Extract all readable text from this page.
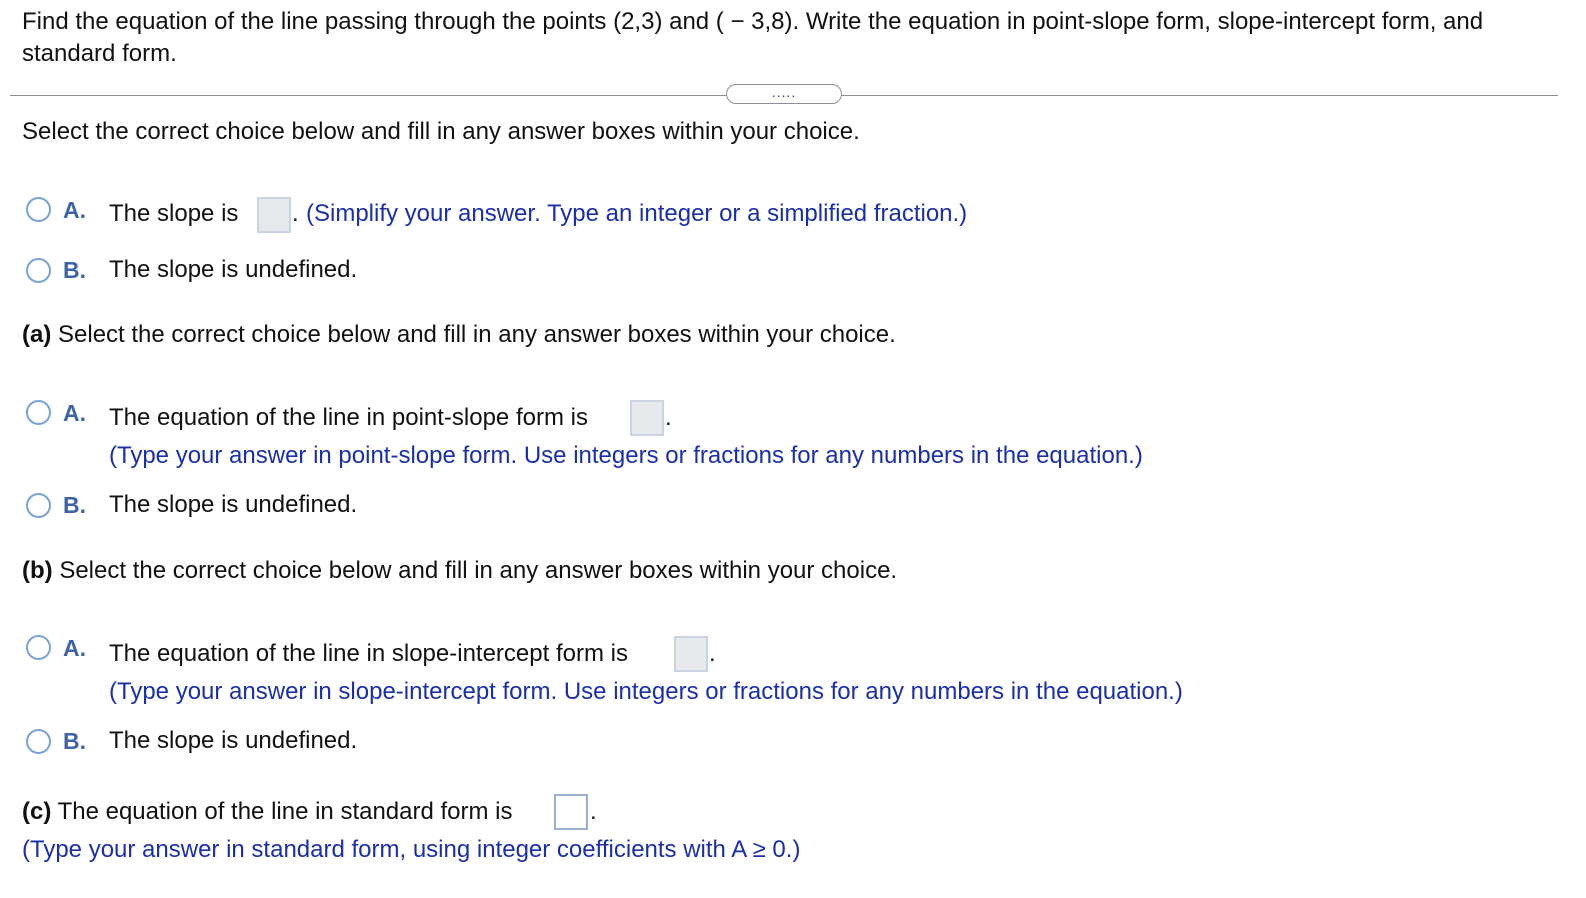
Find the equation of the line passing through the points (2,3) and ( − 3,8). Write the equation in point-slope form, slope-intercept form, and standard form.
.....
Select the correct choice below and fill in any answer boxes within your choice.
A. The slope is . (Simplify your answer. Type an integer or a simplified fraction.)
B. The slope is undefined.
(a) Select the correct choice below and fill in any answer boxes within your choice.
A. The equation of the line in point-slope form is	.
(Type your answer in point-slope form. Use integers or fractions for any numbers in the equation.)
B. The slope is undefined.
(b) Select the correct choice below and fill in any answer boxes within your choice.
A. The equation of the line in slope-intercept form is	.
(Type your answer in slope-intercept form. Use integers or fractions for any numbers in the equation.)
B. The slope is undefined.
(c) The equation of the line in standard form is	.
(Type your answer in standard form, using integer coefficients with A ≥ 0.)
